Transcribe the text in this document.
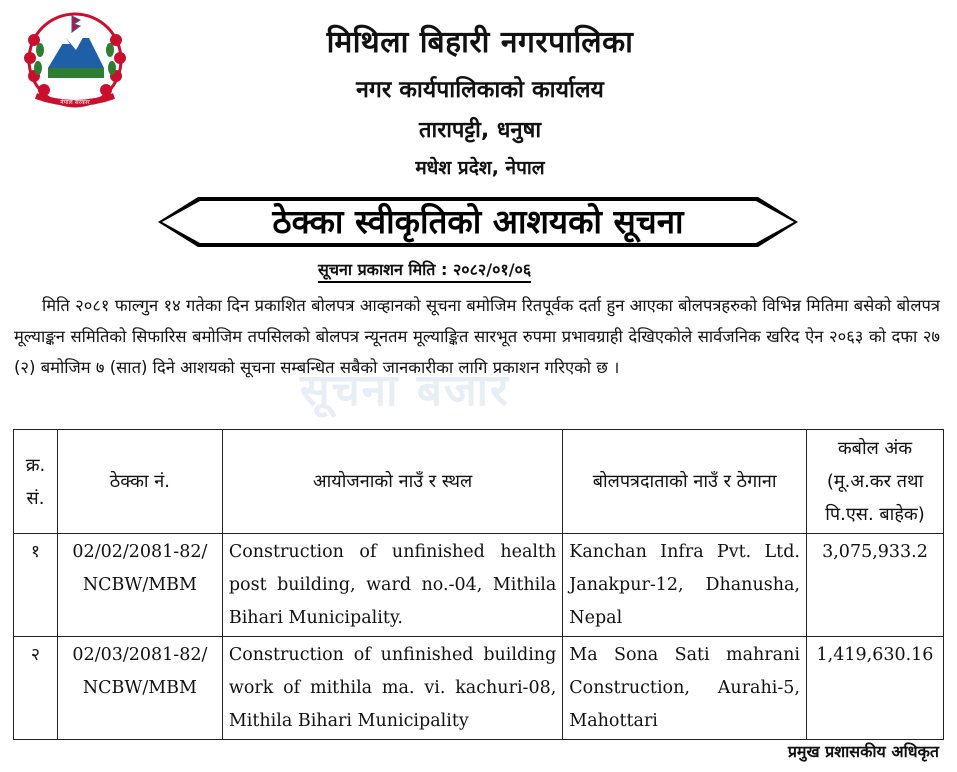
नेपाल सरकार
मिथिला बिहारी नगरपालिका
नगर कार्यपालिकाको कार्यालय
तारापट्टी, धनुषा
मधेश प्रदेश, नेपाल
ठेक्का स्वीकृतिको आशयको सूचना
सूचना प्रकाशन मिति : २०८२/०१/०६
सूचना बजार
मिति २०८१ फाल्गुन १४ गतेका दिन प्रकाशित बोलपत्र आव्हानको सूचना बमोजिम रितपूर्वक दर्ता हुन आएका बोलपत्रहरुको विभिन्न मितिमा बसेको बोलपत्र मूल्याङ्कन समितिको सिफारिस बमोजिम तपसिलको बोलपत्र न्यूनतम मूल्याङ्कित सारभूत रुपमा प्रभावग्राही देखिएकोले सार्वजनिक खरिद ऐन २०६३ को दफा २७ (२) बमोजिम ७ (सात) दिने आशयको सूचना सम्बन्धित सबैको जानकारीका लागि प्रकाशन गरिएको छ ।
क्र. सं.	ठेक्का नं.	आयोजनाको नाउँ र स्थल	बोलपत्रदाताको नाउँ र ठेगाना	कबोल अंक (मू.अ.कर तथा पि.एस. बाहेक)
१	02/02/2081-82/ NCBW/MBM	Construction of unfinished health post building, ward no.-04, Mithila Bihari Municipality.	Kanchan Infra Pvt. Ltd. Janakpur-12, Dhanusha, Nepal	3,075,933.2
२	02/03/2081-82/ NCBW/MBM	Construction of unfinished building work of mithila ma. vi. kachuri-08, Mithila Bihari Municipality	Ma Sona Sati mahrani Construction, Aurahi-5, Mahottari	1,419,630.16
प्रमुख प्रशासकीय अधिकृत
